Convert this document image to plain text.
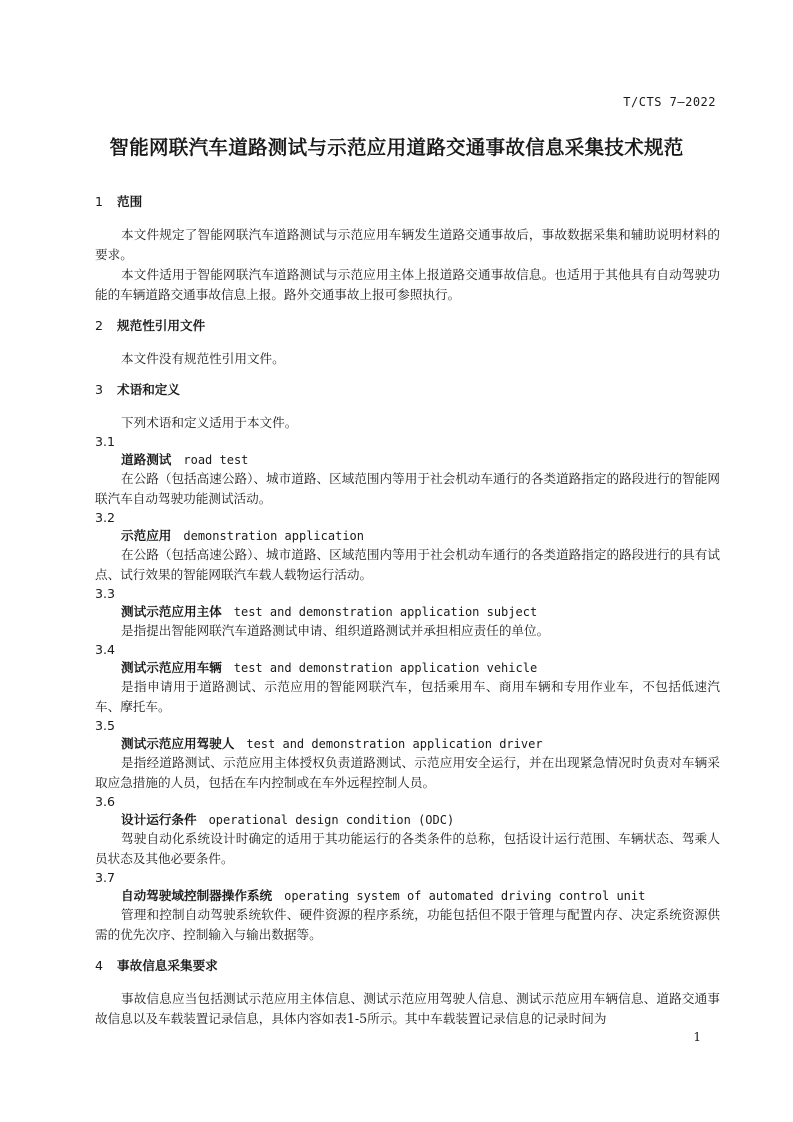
T/CTS 7—2022
智能网联汽车道路测试与示范应用道路交通事故信息采集技术规范
1 范围

本文件规定了智能网联汽车道路测试与示范应用车辆发生道路交通事故后，事故数据采集和辅助说明材料的要求。

本文件适用于智能网联汽车道路测试与示范应用主体上报道路交通事故信息。也适用于其他具有自动驾驶功能的车辆道路交通事故信息上报。路外交通事故上报可参照执行。

2 规范性引用文件

本文件没有规范性引用文件。

3 术语和定义

下列术语和定义适用于本文件。

3.1
道路测试 road test

在公路（包括高速公路）、城市道路、区域范围内等用于社会机动车通行的各类道路指定的路段进行的智能网联汽车自动驾驶功能测试活动。

3.2
示范应用 demonstration application

在公路（包括高速公路）、城市道路、区域范围内等用于社会机动车通行的各类道路指定的路段进行的具有试点、试行效果的智能网联汽车载人载物运行活动。

3.3
测试示范应用主体 test and demonstration application subject

是指提出智能网联汽车道路测试申请、组织道路测试并承担相应责任的单位。

3.4
测试示范应用车辆 test and demonstration application vehicle

是指申请用于道路测试、示范应用的智能网联汽车，包括乘用车、商用车辆和专用作业车，不包括低速汽车、摩托车。

3.5
测试示范应用驾驶人 test and demonstration application driver

是指经道路测试、示范应用主体授权负责道路测试、示范应用安全运行，并在出现紧急情况时负责对车辆采取应急措施的人员，包括在车内控制或在车外远程控制人员。

3.6
设计运行条件 operational design condition (ODC)

驾驶自动化系统设计时确定的适用于其功能运行的各类条件的总称，包括设计运行范围、车辆状态、驾乘人员状态及其他必要条件。

3.7
自动驾驶域控制器操作系统 operating system of automated driving control unit

管理和控制自动驾驶系统软件、硬件资源的程序系统，功能包括但不限于管理与配置内存、决定系统资源供需的优先次序、控制输入与输出数据等。

4 事故信息采集要求

事故信息应当包括测试示范应用主体信息、测试示范应用驾驶人信息、测试示范应用车辆信息、道路交通事故信息以及车载装置记录信息，具体内容如表1-5所示。其中车载装置记录信息的记录时间为

1
